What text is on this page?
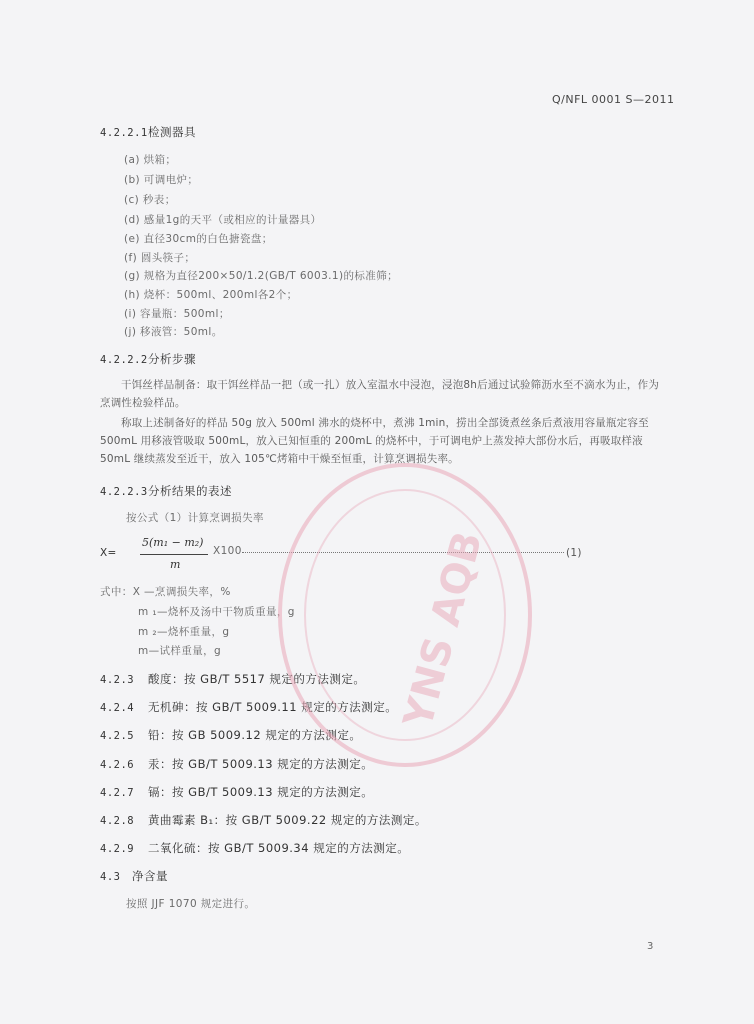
Q/NFL 0001 S—2011
4.2.2.1检测器具
(a) 烘箱；
(b) 可调电炉；
(c) 秒表；
(d) 感量1g的天平（或相应的计量器具）
(e) 直径30cm的白色搪瓷盘；
(f) 圆头筷子；
(g) 规格为直径200×50/1.2(GB/T 6003.1)的标准筛；
(h) 烧杯：500ml、200ml各2个；
(i) 容量瓶：500ml；
(j) 移液管：50ml。
4.2.2.2分析步骤
干饵丝样品制备：取干饵丝样品一把（或一扎）放入室温水中浸泡，浸泡8h后通过试验筛沥水至不滴水为止，作为烹调性检验样品。
称取上述制备好的样品 50g 放入 500ml 沸水的烧杯中，煮沸 1min，捞出全部烫煮丝条后煮液用容量瓶定容至 500mL 用移液管吸取 500mL，放入已知恒重的 200mL 的烧杯中，于可调电炉上蒸发掉大部份水后，再吸取样液 50mL 继续蒸发至近干，放入 105℃烤箱中干燥至恒重，计算烹调损失率。
4.2.2.3分析结果的表述
按公式（1）计算烹调损失率
X=
5(m₁ − m₂)
m
X100	(1)
式中：X —烹调损失率，%
m ₁—烧杯及汤中干物质重量，g
m ₂—烧杯重量，g
m—试样重量，g
4.2.3 酸度：按 GB/T 5517 规定的方法测定。
4.2.4 无机砷：按 GB/T 5009.11 规定的方法测定。
4.2.5 铅：按 GB 5009.12 规定的方法测定。
4.2.6 汞：按 GB/T 5009.13 规定的方法测定。
4.2.7 镉：按 GB/T 5009.13 规定的方法测定。
4.2.8 黄曲霉素 B₁：按 GB/T 5009.22 规定的方法测定。
4.2.9 二氧化硫：按 GB/T 5009.34 规定的方法测定。
4.3 净含量
按照 JJF 1070 规定进行。
YNS AQB
3
